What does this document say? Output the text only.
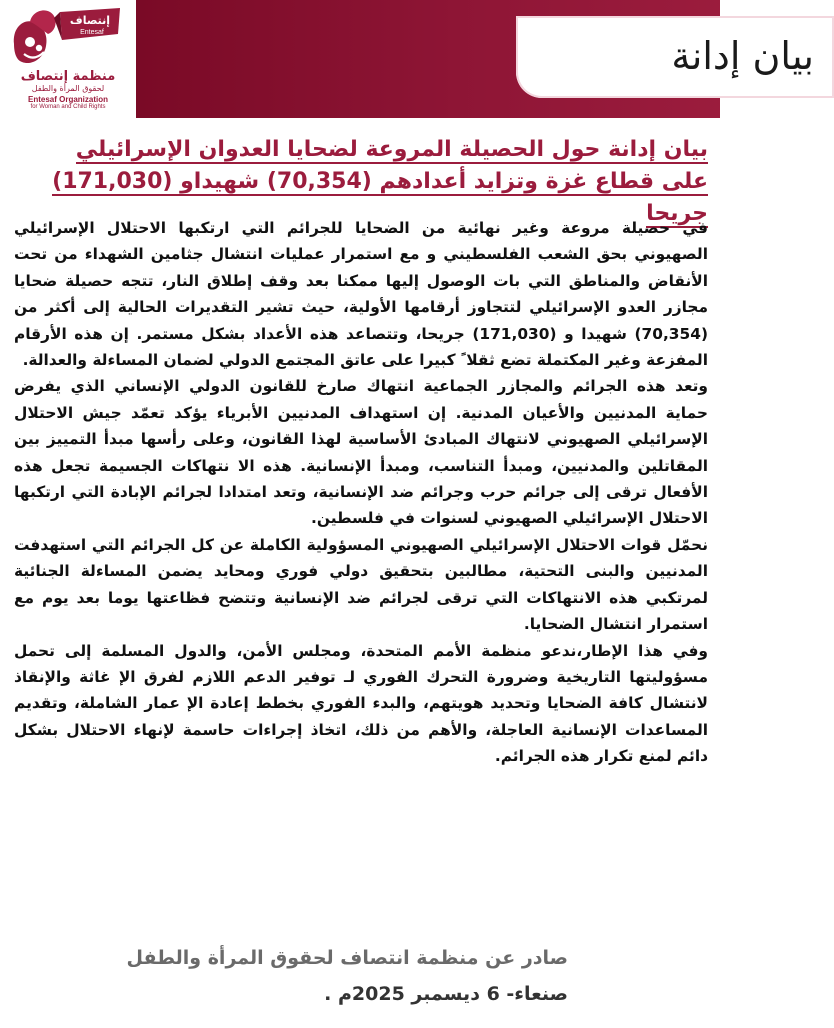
إنتصاف
Entesaf
منظمة إنتصاف
لحقوق المرأة والطفل
Entesaf Organization
for Woman and Child Rights
بيان إدانة
بيان إدانة حول الحصيلة المروعة لضحايا العدوان الإسرائيلي على قطاع غزة وتزايد أعدادهم (70,354) شهيداو (171,030) جريحا

في حصيلة مروعة وغير نهائية من الضحايا للجرائم التي ارتكبها الاحتلال الإسرائيلي الصهيوني بحق الشعب الفلسطيني و مع استمرار عمليات انتشال جثامين الشهداء من تحت الأنقاض والمناطق التي بات الوصول إليها ممكنا بعد وقف إطلاق النار، تتجه حصيلة ضحايا مجازر العدو الإسرائيلي لتتجاوز أرقامها الأولية، حيث تشير التقديرات الحالية إلى أكثر من (70,354) شهيدا و (171,030) جريحا، وتتصاعد هذه الأعداد بشكل مستمر. إن هذه الأرقام المفزعة وغير المكتملة تضع ثقلا ً كبيرا على عاتق المجتمع الدولي لضمان المساءلة والعدالة.

وتعد هذه الجرائم والمجازر الجماعية انتهاك صارخ للقانون الدولي الإنساني الذي يفرض حماية المدنيين والأعيان المدنية. إن استهداف المدنيين الأبرياء يؤكد تعمّد جيش الاحتلال الإسرائيلي الصهيوني لانتهاك المبادئ الأساسية لهذا القانون، وعلى رأسها مبدأ التمييز بين المقاتلين والمدنيين، ومبدأ التناسب، ومبدأ الإنسانية. هذه الا نتهاكات الجسيمة تجعل هذه الأفعال ترقى إلى جرائم حرب وجرائم ضد الإنسانية، وتعد امتدادا لجرائم الإبادة التي ارتكبها الاحتلال الإسرائيلي الصهيوني لسنوات في فلسطين.

نحمّل قوات الاحتلال الإسرائيلي الصهيوني المسؤولية الكاملة عن كل الجرائم التي استهدفت المدنيين والبنى التحتية، مطالبين بتحقيق دولي فوري ومحايد يضمن المساءلة الجنائية لمرتكبي هذه الانتهاكات التي ترقى لجرائم ضد الإنسانية وتتضح فظاعتها يوما بعد يوم مع استمرار انتشال الضحايا.

وفي هذا الإطار،ندعو منظمة الأمم المتحدة، ومجلس الأمن، والدول المسلمة إلى تحمل مسؤوليتها التاريخية وضرورة التحرك الفوري لـ توفير الدعم اللازم لفرق الإ غاثة والإنقاذ لانتشال كافة الضحايا وتحديد هويتهم، والبدء الفوري بخطط إعادة الإ عمار الشاملة، وتقديم المساعدات الإنسانية العاجلة، والأهم من ذلك، اتخاذ إجراءات حاسمة لإنهاء الاحتلال بشكل دائم لمنع تكرار هذه الجرائم.

صادر عن منظمة انتصاف لحقوق المرأة والطفل
صنعاء- 6 ديسمبر 2025م .
